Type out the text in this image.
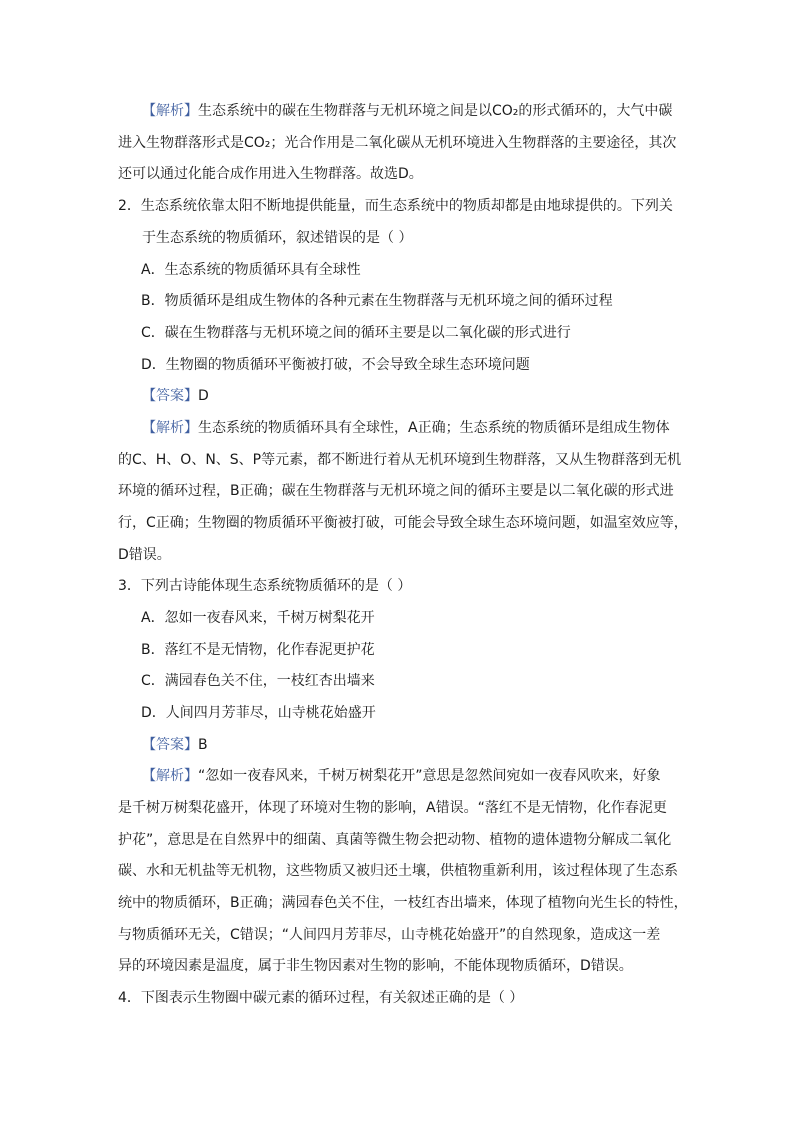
【解析】生态系统中的碳在生物群落与无机环境之间是以CO₂的形式循环的，大气中碳
进入生物群落形式是CO₂；光合作用是二氧化碳从无机环境进入生物群落的主要途径，其次
还可以通过化能合成作用进入生物群落。故选D。
2．生态系统依靠太阳不断地提供能量，而生态系统中的物质却都是由地球提供的。下列关
于生态系统的物质循环，叙述错误的是（ ）
A．生态系统的物质循环具有全球性
B．物质循环是组成生物体的各种元素在生物群落与无机环境之间的循环过程
C．碳在生物群落与无机环境之间的循环主要是以二氧化碳的形式进行
D．生物圈的物质循环平衡被打破，不会导致全球生态环境问题
【答案】D
【解析】生态系统的物质循环具有全球性，A正确；生态系统的物质循环是组成生物体
的C、H、O、N、S、P等元素，都不断进行着从无机环境到生物群落，又从生物群落到无机
环境的循环过程，B正确；碳在生物群落与无机环境之间的循环主要是以二氧化碳的形式进
行，C正确；生物圈的物质循环平衡被打破，可能会导致全球生态环境问题，如温室效应等，
D错误。
3．下列古诗能体现生态系统物质循环的是（ ）
A．忽如一夜春风来，千树万树梨花开
B．落红不是无情物，化作春泥更护花
C．满园春色关不住，一枝红杏出墙来
D．人间四月芳菲尽，山寺桃花始盛开
【答案】B
【解析】“忽如一夜春风来，千树万树梨花开”意思是忽然间宛如一夜春风吹来，好象
是千树万树梨花盛开，体现了环境对生物的影响，A错误。“落红不是无情物，化作春泥更
护花”，意思是在自然界中的细菌、真菌等微生物会把动物、植物的遗体遗物分解成二氧化
碳、水和无机盐等无机物，这些物质又被归还土壤，供植物重新利用，该过程体现了生态系
统中的物质循环，B正确；满园春色关不住，一枝红杏出墙来，体现了植物向光生长的特性，
与物质循环无关，C错误；“人间四月芳菲尽，山寺桃花始盛开”的自然现象，造成这一差
异的环境因素是温度，属于非生物因素对生物的影响，不能体现物质循环，D错误。
4．下图表示生物圈中碳元素的循环过程，有关叙述正确的是（ ）
